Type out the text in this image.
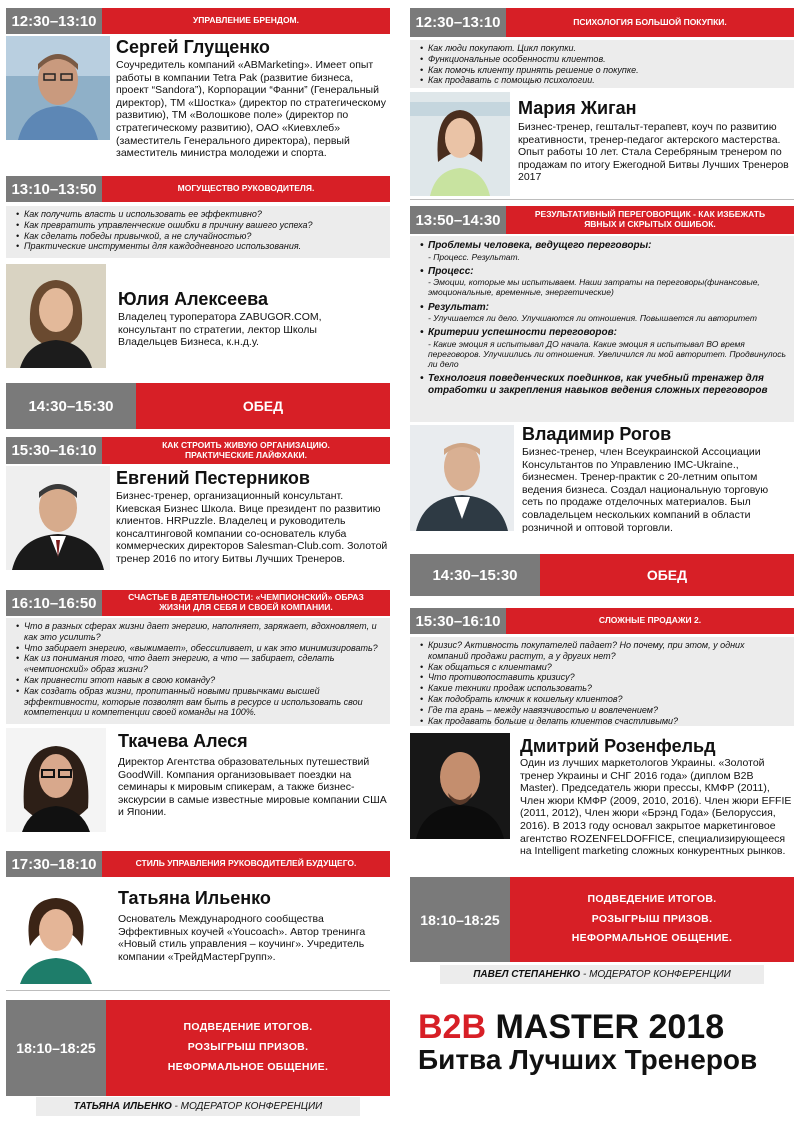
12:30–13:10	УПРАВЛЕНИЕ БРЕНДОМ.
Сергей Глущенко
Соучредитель компаний «ABMarketing». Имеет опыт работы в компании Tetra Pak (развитие бизнеса, проект “Sandora”), Корпорации “Фанни” (Генеральный директор), ТМ «Шостка» (директор по стратегическому развитию), ТМ «Волошкове поле» (директор по стратегическому развитию), ОАО «Киевхлеб» (заместитель Генерального директора), первый заместитель министра молодежи и спорта.
13:10–13:50	МОГУЩЕСТВО РУКОВОДИТЕЛЯ.
• Как получить власть и использовать ее эффективно?
• Как превратить управленческие ошибки в причину вашего успеха?
• Как сделать победы привычкой, а не случайностью?
• Практические инструменты для каждодневного использования.
Юлия Алексеева
Владелец туроператора ZABUGOR.COM, консультант по стратегии, лектор Школы Владельцев Бизнеса, к.н.д.у.
14:30–15:30	ОБЕД
15:30–16:10	КАК СТРОИТЬ ЖИВУЮ ОРГАНИЗАЦИЮ.
ПРАКТИЧЕСКИЕ ЛАЙФХАКИ.
Евгений Пестерников
Бизнес-тренер, организационный консультант. Киевская Бизнес Школа. Вице президент по развитию клиентов. HRPuzzle. Владелец и руководитель консалтинговой компании со-основатель клуба коммерческих директоров Salesman-Club.com. Золотой тренер 2016 по итогу Битвы Лучших Тренеров.
16:10–16:50	СЧАСТЬЕ В ДЕЯТЕЛЬНОСТИ: «ЧЕМПИОНСКИЙ» ОБРАЗ
ЖИЗНИ ДЛЯ СЕБЯ И СВОЕЙ КОМПАНИИ.
• Что в разных сферах жизни дает энергию, наполняет, заряжает, вдохновляет, и как это усилить?
• Что забирает энергию, «выжимает», обессиливает, и как это минимизировать?
• Как из понимания того, что дает энергию, а что — забирает, сделать «чемпионский» образ жизни?
• Как привнести этот навык в свою команду?
• Как создать образ жизни, пропитанный новыми привычками высшей эффективности, которые позволят вам быть в ресурсе и использовать свои компетенции и компетенции своей команды на 100%.
Ткачева Алеся
Директор Агентства образовательных путешествий GoodWill. Компания организовывает поездки на семинары к мировым спикерам, а также бизнес-экскурсии в самые известные мировые компании США и Японии.
17:30–18:10	СТИЛЬ УПРАВЛЕНИЯ РУКОВОДИТЕЛЕЙ БУДУЩЕГО.
Татьяна Ильенко
Основатель Международного сообщества Эффективных коучей «Youcoach». Автор тренинга «Новый стиль управления – коучинг». Учредитель компании «ТрейдМастерГрупп».
18:10–18:25
ПОДВЕДЕНИЕ ИТОГОВ.
РОЗЫГРЫШ ПРИЗОВ.
НЕФОРМАЛЬНОЕ ОБЩЕНИЕ.
ТАТЬЯНА ИЛЬЕНКО - МОДЕРАТОР КОНФЕРЕНЦИИ
12:30–13:10	ПСИХОЛОГИЯ БОЛЬШОЙ ПОКУПКИ.
• Как люди покупают. Цикл покупки.
• Функциональные особенности клиентов.
• Как помочь клиенту принять решение о покупке.
• Как продавать с помощью психологии.
Мария Жиган
Бизнес-тренер, гештальт-терапевт, коуч по развитию креативности, тренер-педагог актерского мастерства. Опыт работы 10 лет. Стала Серебряным тренером по продажам по итогу Ежегодной Битвы Лучших Тренеров 2017
13:50–14:30	РЕЗУЛЬТАТИВНЫЙ ПЕРЕГОВОРЩИК - КАК ИЗБЕЖАТЬ
ЯВНЫХ И СКРЫТЫХ ОШИБОК.
• Проблемы человека, ведущего переговоры:
- Процесс. Результат.
• Процесс:
- Эмоции, которые мы испытываем. Наши затраты на переговоры(финансовые, эмоциональные, временные, энергетические)
• Результат:
- Улучшается ли дело. Улучшаются ли отношения. Повышается ли авторитет
• Критерии успешности переговоров:
- Какие эмоция я испытывал ДО начала. Какие эмоция я испытывал ВО время переговоров. Улучшились ли отношения. Увеличился ли мой авторитет. Продвинулось ли дело
• Технология поведенческих поединков, как учебный тренажер для отработки и закрепления навыков ведения сложных переговоров
Владимир Рогов
Бизнес-тренер, член Всеукраинской Ассоциации Консультантов по Управлению IMC-Ukraine., бизнесмен. Тренер-практик с 20-летним опытом ведения бизнеса. Создал национальную торговую сеть по продаже отделочных материалов. Был совладельцем нескольких компаний в области розничной и оптовой торговли.
14:30–15:30	ОБЕД
15:30–16:10	СЛОЖНЫЕ ПРОДАЖИ 2.
• Кризис? Активность покупателей падает? Но почему, при этом, у одних компаний продажи растут, а у других нет?
• Как общаться с клиентами?
• Что противопоставить кризису?
• Какие техники продаж использовать?
• Как подобрать ключик к кошельку клиентов?
• Где та грань – между навязчивостью и вовлечением?
• Как продавать больше и делать клиентов счастливыми?
Дмитрий Розенфельд
Один из лучших маркетологов Украины. «Золотой тренер Украины и СНГ 2016 года» (диплом B2B Master). Председатель жюри прессы, КМФР (2011), Член жюри КМФР (2009, 2010, 2016). Член жюри EFFIE (2011, 2012), Член жюри «Брэнд Года» (Белоруссия, 2016). В 2013 году основал закрытое маркетинговое агентство ROZENFELDOFFICE, специализирующееся на Intelligent marketing сложных конкурентных рынков.
18:10–18:25
ПОДВЕДЕНИЕ ИТОГОВ.
РОЗЫГРЫШ ПРИЗОВ.
НЕФОРМАЛЬНОЕ ОБЩЕНИЕ.
ПАВЕЛ СТЕПАНЕНКО - МОДЕРАТОР КОНФЕРЕНЦИИ
B2B MASTER 2018
Битва Лучших Тренеров
